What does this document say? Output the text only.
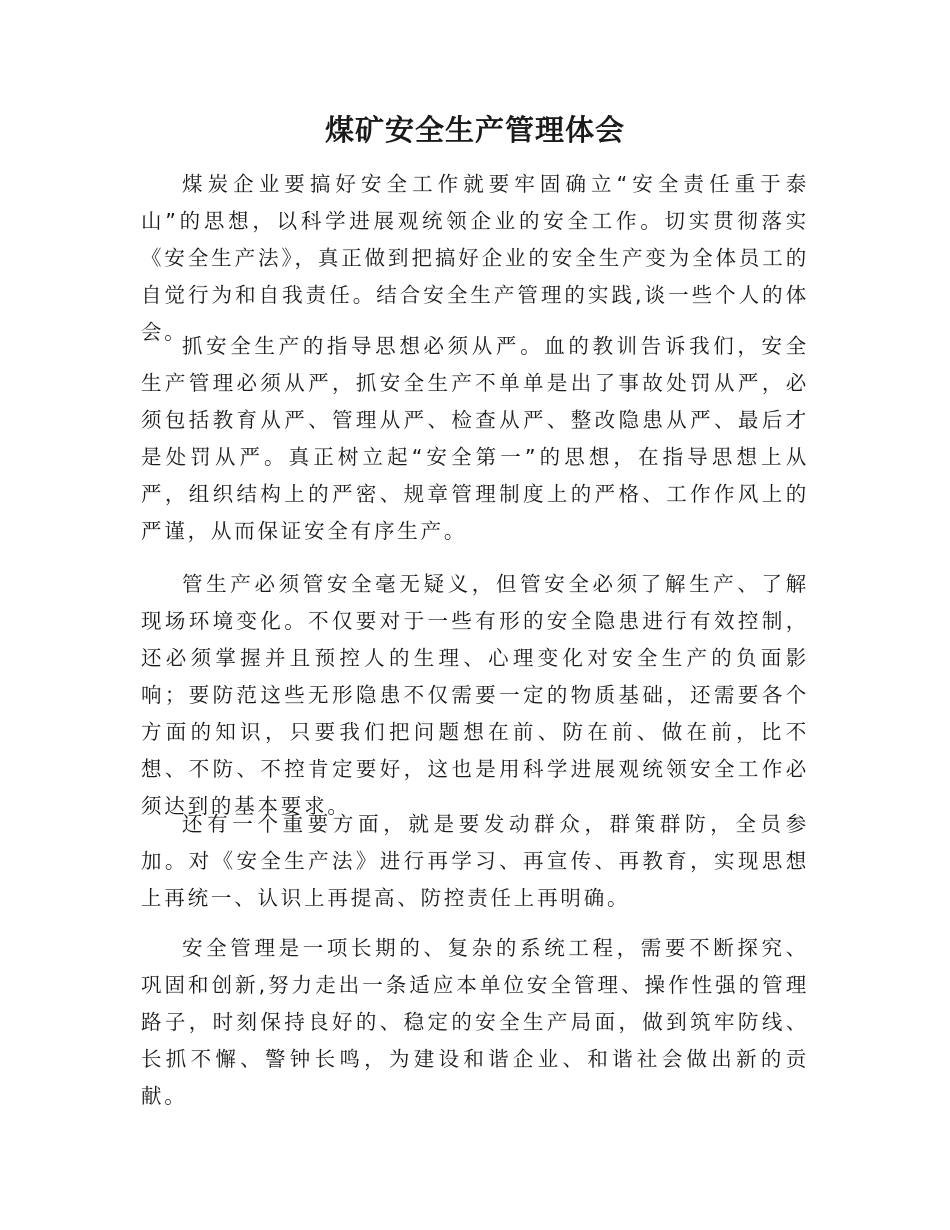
煤矿安全生产管理体会

煤炭企业要搞好安全工作就要牢固确立“安全责任重于泰山”的思想，以科学进展观统领企业的安全工作。切实贯彻落实《安全生产法》，真正做到把搞好企业的安全生产变为全体员工的自觉行为和自我责任。结合安全生产管理的实践,谈一些个人的体会。

抓安全生产的指导思想必须从严。血的教训告诉我们，安全生产管理必须从严，抓安全生产不单单是出了事故处罚从严，必须包括教育从严、管理从严、检查从严、整改隐患从严、最后才是处罚从严。真正树立起“安全第一”的思想，在指导思想上从严，组织结构上的严密、规章管理制度上的严格、工作作风上的严谨，从而保证安全有序生产。

管生产必须管安全毫无疑义，但管安全必须了解生产、了解现场环境变化。不仅要对于一些有形的安全隐患进行有效控制，还必须掌握并且预控人的生理、心理变化对安全生产的负面影响；要防范这些无形隐患不仅需要一定的物质基础，还需要各个方面的知识，只要我们把问题想在前、防在前、做在前，比不想、不防、不控肯定要好，这也是用科学进展观统领安全工作必须达到的基本要求。

还有一个重要方面，就是要发动群众，群策群防，全员参加。对《安全生产法》进行再学习、再宣传、再教育，实现思想上再统一、认识上再提高、防控责任上再明确。

安全管理是一项长期的、复杂的系统工程，需要不断探究、巩固和创新,努力走出一条适应本单位安全管理、操作性强的管理路子，时刻保持良好的、稳定的安全生产局面，做到筑牢防线、长抓不懈、警钟长鸣，为建设和谐企业、和谐社会做出新的贡献。
